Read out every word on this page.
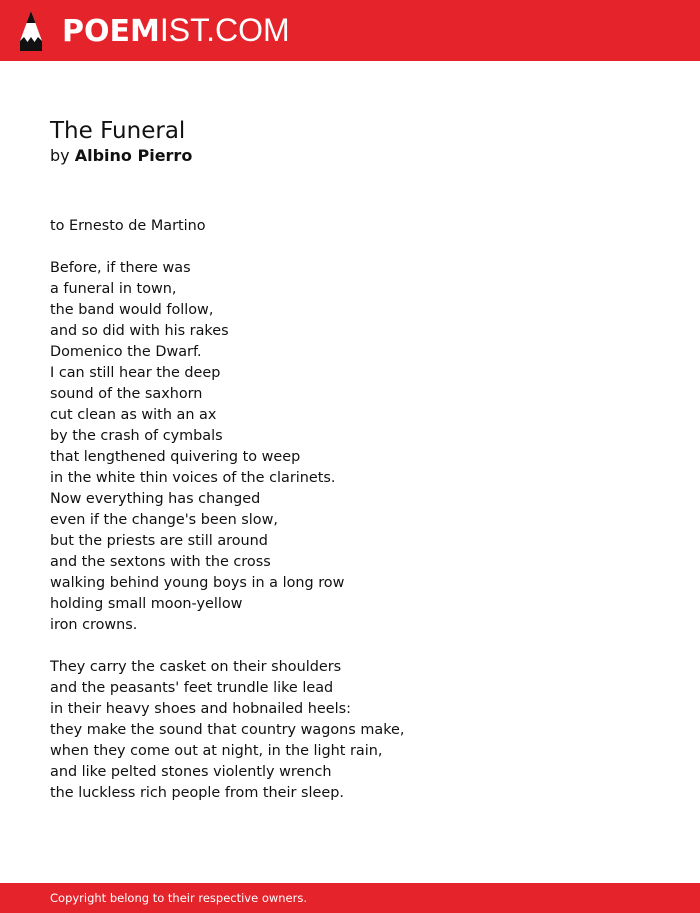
POEMIST.COM
The Funeral
by Albino Pierro
to Ernesto de Martino
Before, if there was
a funeral in town,
the band would follow,
and so did with his rakes
Domenico the Dwarf.
I can still hear the deep
sound of the saxhorn
cut clean as with an ax
by the crash of cymbals
that lengthened quivering to weep
in the white thin voices of the clarinets.
Now everything has changed
even if the change's been slow,
but the priests are still around
and the sextons with the cross
walking behind young boys in a long row
holding small moon-yellow
iron crowns.
They carry the casket on their shoulders
and the peasants' feet trundle like lead
in their heavy shoes and hobnailed heels:
they make the sound that country wagons make,
when they come out at night, in the light rain,
and like pelted stones violently wrench
the luckless rich people from their sleep.
Copyright belong to their respective owners.
